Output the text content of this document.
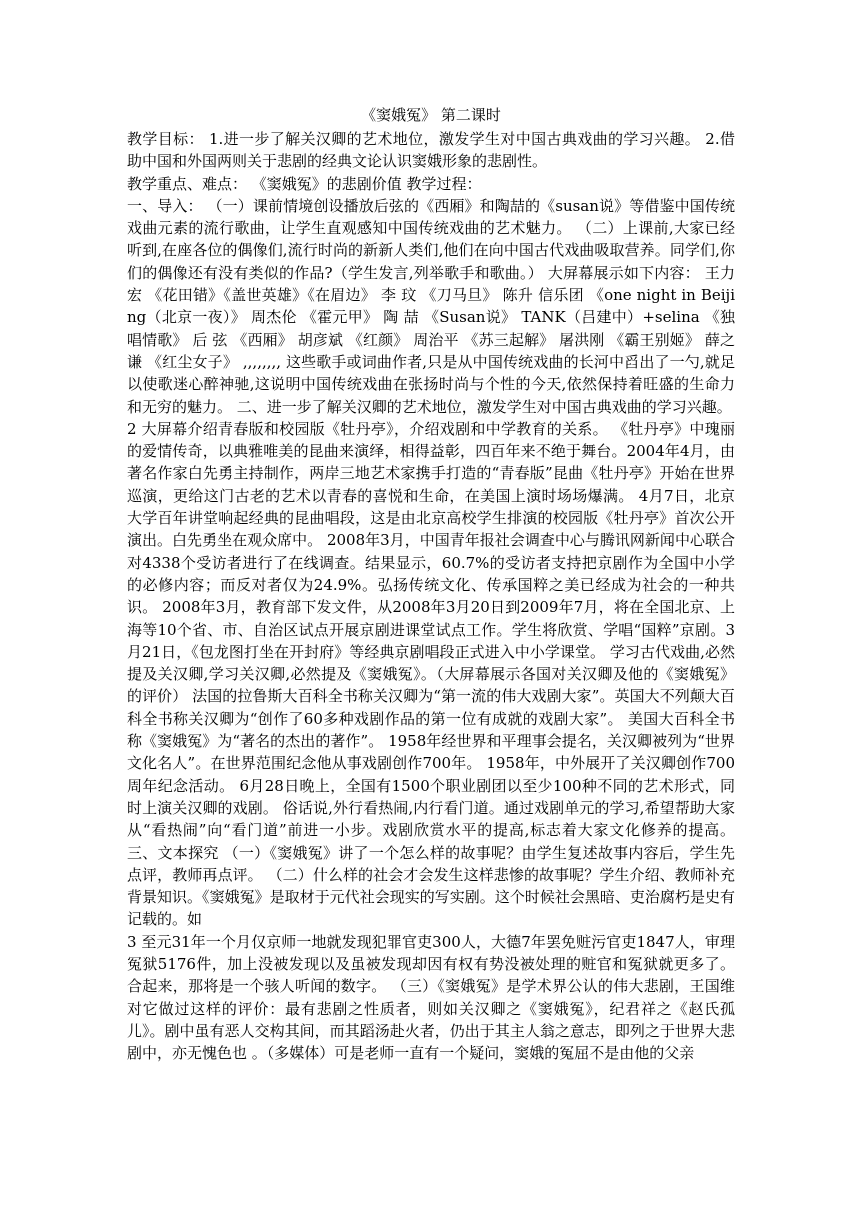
《窦娥冤》 第二课时

教学目标： 1.进一步了解关汉卿的艺术地位，激发学生对中国古典戏曲的学习兴趣。 2.借助中国和外国两则关于悲剧的经典文论认识窦娥形象的悲剧性。

教学重点、难点： 《窦娥冤》的悲剧价值 教学过程：

一、导入： （一）课前情境创设播放后弦的《西厢》和陶喆的《susan说》等借鉴中国传统戏曲元素的流行歌曲，让学生直观感知中国传统戏曲的艺术魅力。 （二）上课前,大家已经听到,在座各位的偶像们,流行时尚的新新人类们,他们在向中国古代戏曲吸取营养。同学们,你们的偶像还有没有类似的作品?（学生发言,列举歌手和歌曲。） 大屏幕展示如下内容： 王力宏 《花田错》《盖世英雄》《在眉边》 李 玟 《刀马旦》 陈升 信乐团 《one night in Beijing（北京一夜）》 周杰伦 《霍元甲》 陶 喆 《Susan说》 TANK（吕建中）+selina 《独唱情歌》 后 弦 《西厢》 胡彦斌 《红颜》 周治平 《苏三起解》 屠洪刚 《霸王别姬》 薛之谦 《红尘女子》 ,,,,,,,, 这些歌手或词曲作者,只是从中国传统戏曲的长河中舀出了一勺,就足以使歌迷心醉神驰,这说明中国传统戏曲在张扬时尚与个性的今天,依然保持着旺盛的生命力和无穷的魅力。 二、进一步了解关汉卿的艺术地位，激发学生对中国古典戏曲的学习兴趣。

2 大屏幕介绍青春版和校园版《牡丹亭》，介绍戏剧和中学教育的关系。 《牡丹亭》中瑰丽的爱情传奇，以典雅唯美的昆曲来演绎，相得益彰，四百年来不绝于舞台。2004年4月，由著名作家白先勇主持制作，两岸三地艺术家携手打造的“青春版”昆曲《牡丹亭》开始在世界巡演，更给这门古老的艺术以青春的喜悦和生命，在美国上演时场场爆满。 4月7日，北京大学百年讲堂响起经典的昆曲唱段，这是由北京高校学生排演的校园版《牡丹亭》首次公开演出。白先勇坐在观众席中。 2008年3月，中国青年报社会调查中心与腾讯网新闻中心联合对4338个受访者进行了在线调查。结果显示，60.7%的受访者支持把京剧作为全国中小学的必修内容；而反对者仅为24.9%。弘扬传统文化、传承国粹之美已经成为社会的一种共识。 2008年3月，教育部下发文件，从2008年3月20日到2009年7月，将在全国北京、上海等10个省、市、自治区试点开展京剧进课堂试点工作。学生将欣赏、学唱“国粹”京剧。3月21日，《包龙图打坐在开封府》等经典京剧唱段正式进入中小学课堂。 学习古代戏曲,必然提及关汉卿,学习关汉卿,必然提及《窦娥冤》。（大屏幕展示各国对关汉卿及他的《窦娥冤》的评价） 法国的拉鲁斯大百科全书称关汉卿为“第一流的伟大戏剧大家”。英国大不列颠大百科全书称关汉卿为“创作了60多种戏剧作品的第一位有成就的戏剧大家”。 美国大百科全书称《窦娥冤》为“著名的杰出的著作”。 1958年经世界和平理事会提名，关汉卿被列为“世界文化名人”。在世界范围纪念他从事戏剧创作700年。 1958年，中外展开了关汉卿创作700周年纪念活动。 6月28日晚上，全国有1500个职业剧团以至少100种不同的艺术形式，同时上演关汉卿的戏剧。 俗话说,外行看热闹,内行看门道。通过戏剧单元的学习,希望帮助大家从“看热闹”向“看门道”前进一小步。戏剧欣赏水平的提高,标志着大家文化修养的提高。 三、文本探究 （一）《窦娥冤》讲了一个怎么样的故事呢？由学生复述故事内容后，学生先点评，教师再点评。 （二）什么样的社会才会发生这样悲惨的故事呢？学生介绍、教师补充背景知识。《窦娥冤》是取材于元代社会现实的写实剧。这个时候社会黑暗、吏治腐朽是史有记载的。如

3 至元31年一个月仅京师一地就发现犯罪官吏300人，大德7年罢免赃污官吏1847人，审理冤狱5176件，加上没被发现以及虽被发现却因有权有势没被处理的赃官和冤狱就更多了。合起来，那将是一个骇人听闻的数字。 （三）《窦娥冤》是学术界公认的伟大悲剧，王国维对它做过这样的评价：最有悲剧之性质者，则如关汉卿之《窦娥冤》，纪君祥之《赵氏孤儿》。剧中虽有恶人交构其间，而其蹈汤赴火者，仍出于其主人翁之意志，即列之于世界大悲剧中，亦无愧色也 。（多媒体）可是老师一直有一个疑问，窦娥的冤屈不是由他的父亲
